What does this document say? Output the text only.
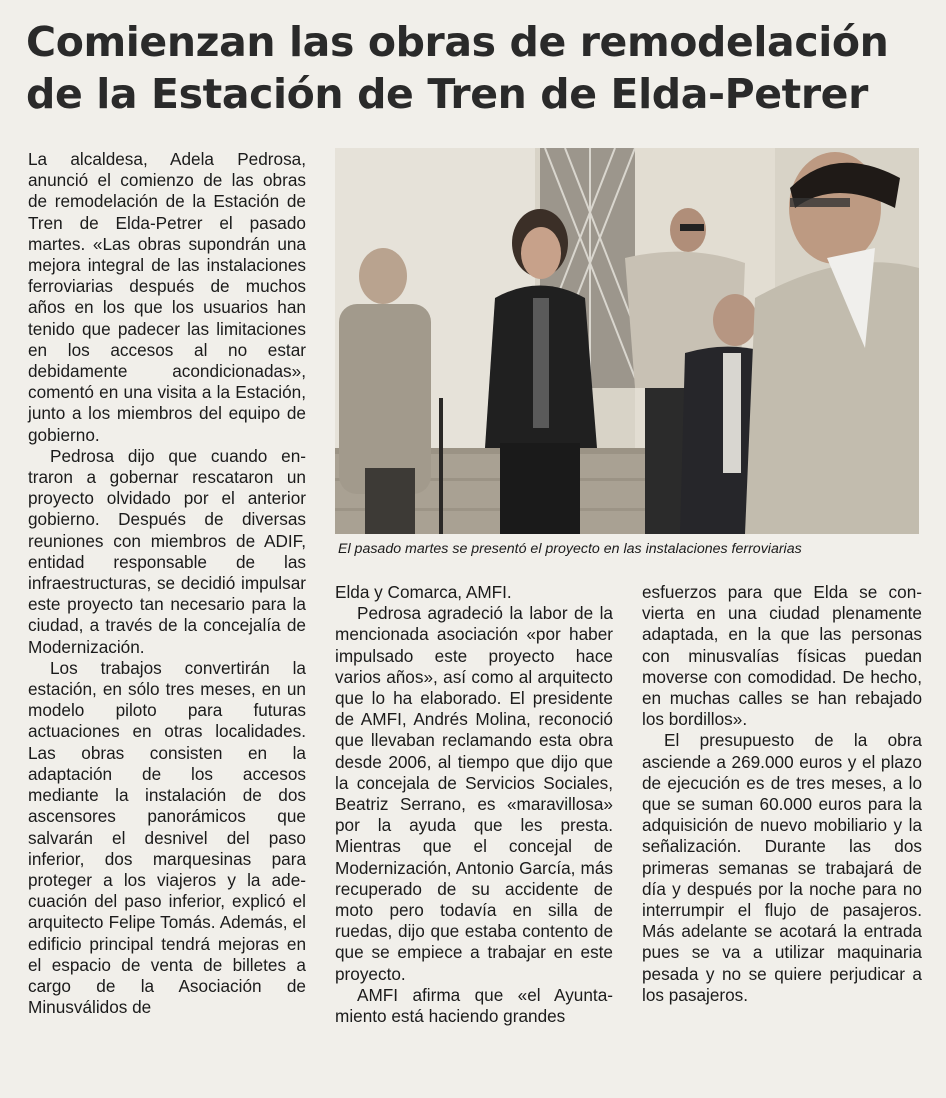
Comienzan las obras de remodelación
de la Estación de Tren de Elda-Petrer

La alcaldesa, Adela Pedrosa, anunció el comienzo de las obras de remodelación de la Estación de Tren de Elda-Petrer el pasado martes. «Las obras supondrán una mejora integral de las instalaciones ferroviarias después de muchos años en los que los usuarios han tenido que padecer las limitaciones en los accesos al no estar debidamente acondicionadas», comentó en una visita a la Estación, junto a los miembros del equipo de gobierno.

Pedrosa dijo que cuando entraron a gobernar rescataron un proyecto olvidado por el anterior gobierno. Después de diversas reuniones con miembros de ADIF, entidad responsable de las infraestructuras, se decidió impulsar este proyecto tan necesario para la ciudad, a través de la concejalía de Modernización.

Los trabajos convertirán la estación, en sólo tres meses, en un modelo piloto para futuras actuaciones en otras localidades. Las obras consisten en la adaptación de los accesos mediante la instalación de dos ascensores panorámicos que salvarán el desnivel del paso inferior, dos marquesinas para proteger a los viajeros y la adecuación del paso inferior, explicó el arquitecto Felipe Tomás. Además, el edificio principal tendrá mejoras en el espacio de venta de billetes a cargo de la Asociación de Minusválidos de

El pasado martes se presentó el proyecto en las instalaciones ferroviarias

Elda y Comarca, AMFI.

Pedrosa agradeció la labor de la mencionada asociación «por haber impulsado este proyecto hace varios años», así como al arquitecto que lo ha elaborado. El presidente de AMFI, Andrés Molina, reconoció que llevaban reclamando esta obra desde 2006, al tiempo que dijo que la concejala de Servicios Sociales, Beatriz Serrano, es «maravillosa» por la ayuda que les presta. Mientras que el concejal de Modernización, Antonio García, más recuperado de su accidente de moto pero todavía en silla de ruedas, dijo que estaba contento de que se empiece a trabajar en este proyecto.

AMFI afirma que «el Ayuntamiento está haciendo grandes

esfuerzos para que Elda se convierta en una ciudad plenamente adaptada, en la que las personas con minusvalías físicas puedan moverse con comodidad. De hecho, en muchas calles se han rebajado los bordillos».

El presupuesto de la obra asciende a 269.000 euros y el plazo de ejecución es de tres meses, a lo que se suman 60.000 euros para la adquisición de nuevo mobiliario y la señalización. Durante las dos primeras semanas se trabajará de día y después por la noche para no interrumpir el flujo de pasajeros. Más adelante se acotará la entrada pues se va a utilizar maquinaria pesada y no se quiere perjudicar a los pasajeros.
